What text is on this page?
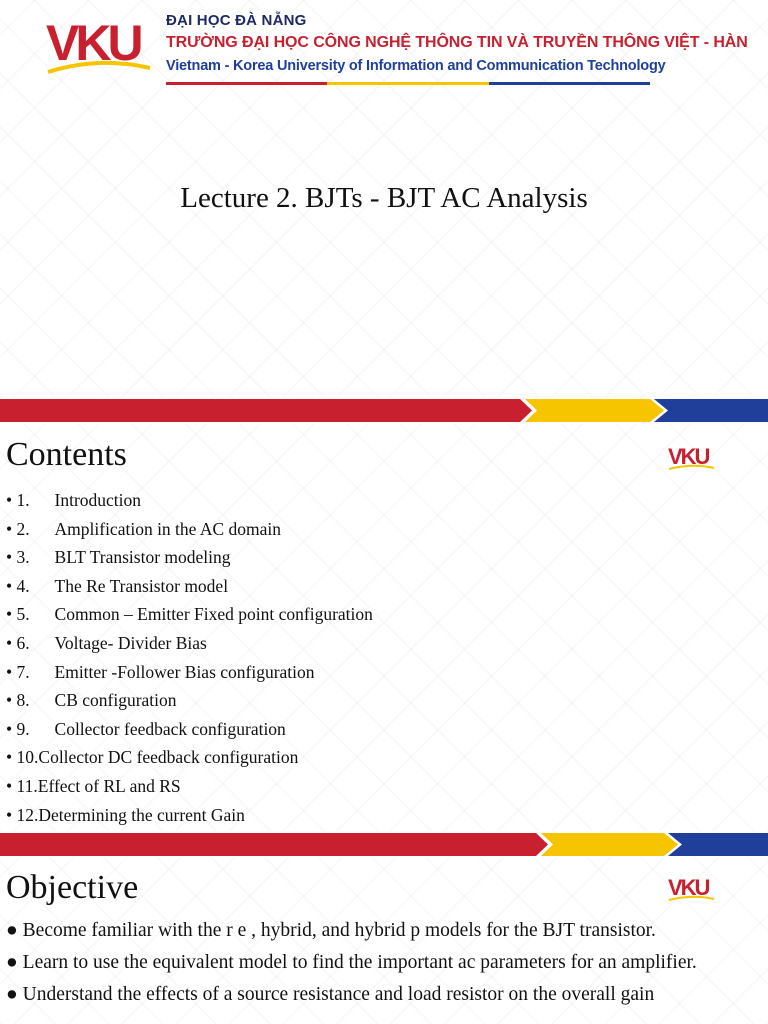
VKU ĐẠI HỌC ĐÀ NẴNG
TRƯỜNG ĐẠI HỌC CÔNG NGHỆ THÔNG TIN VÀ TRUYỀN THÔNG VIỆT - HÀN
Vietnam - Korea University of Information and Communication Technology
Lecture 2. BJTs - BJT AC Analysis
Contents	VKU
• 1. Introduction
• 2. Amplification in the AC domain
• 3. BLT Transistor modeling
• 4. The Re Transistor model
• 5. Common – Emitter Fixed point configuration
• 6. Voltage- Divider Bias
• 7. Emitter -Follower Bias configuration
• 8. CB configuration
• 9. Collector feedback configuration
• 10.Collector DC feedback configuration
• 11.Effect of RL and RS
• 12.Determining the current Gain
Objective	VKU
● Become familiar with the r e , hybrid, and hybrid p models for the BJT transistor.
● Learn to use the equivalent model to find the important ac parameters for an amplifier.
● Understand the effects of a source resistance and load resistor on the overall gain
